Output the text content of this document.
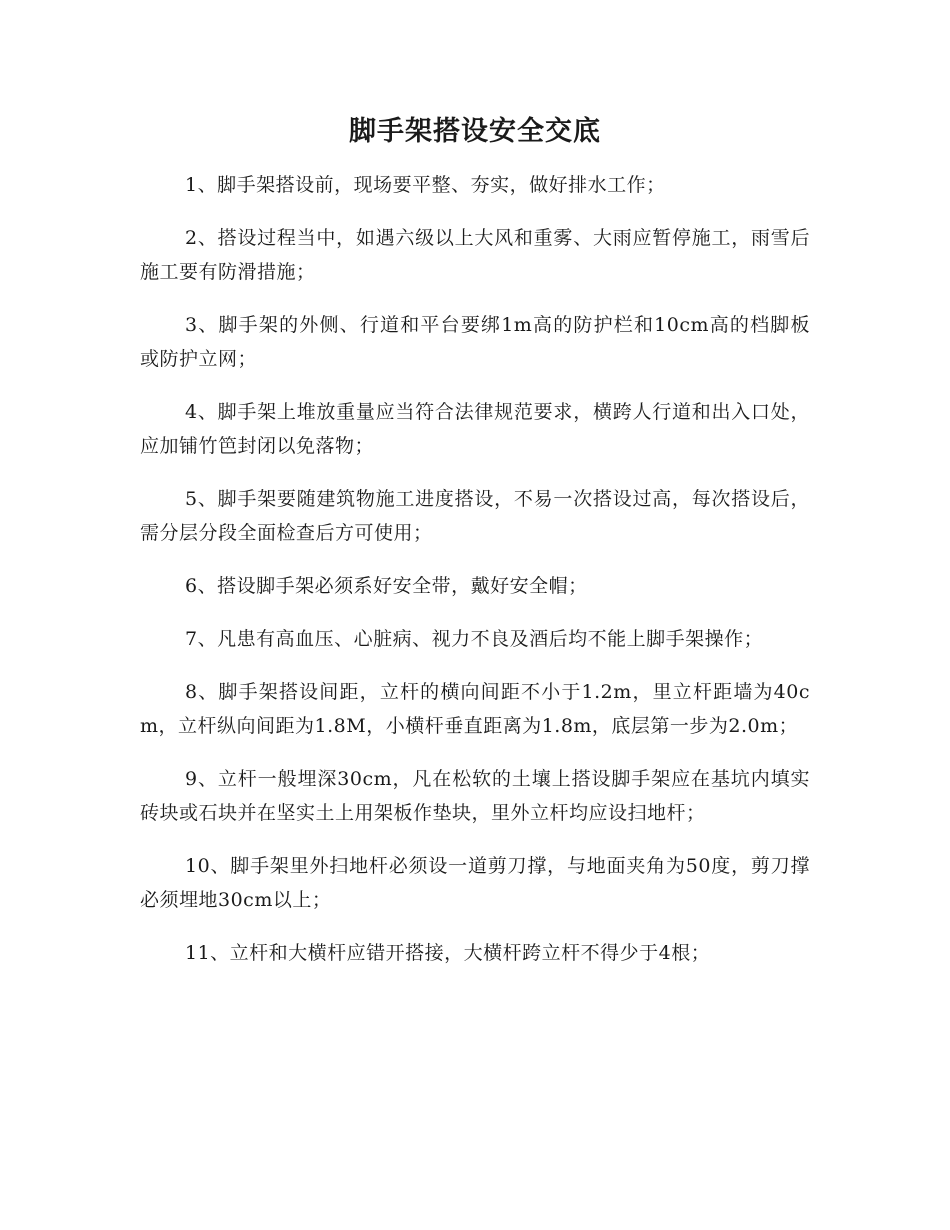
脚手架搭设安全交底

1、脚手架搭设前，现场要平整、夯实，做好排水工作；

2、搭设过程当中，如遇六级以上大风和重雾、大雨应暂停施工，雨雪后施工要有防滑措施；

3、脚手架的外侧、行道和平台要绑1m高的防护栏和10cm高的档脚板或防护立网；

4、脚手架上堆放重量应当符合法律规范要求，横跨人行道和出入口处，应加铺竹笆封闭以免落物；

5、脚手架要随建筑物施工进度搭设，不易一次搭设过高，每次搭设后，需分层分段全面检查后方可使用；

6、搭设脚手架必须系好安全带，戴好安全帽；

7、凡患有高血压、心脏病、视力不良及酒后均不能上脚手架操作；

8、脚手架搭设间距，立杆的横向间距不小于1.2m，里立杆距墙为40cm，立杆纵向间距为1.8M，小横杆垂直距离为1.8m，底层第一步为2.0m；

9、立杆一般埋深30cm，凡在松软的土壤上搭设脚手架应在基坑内填实砖块或石块并在坚实土上用架板作垫块，里外立杆均应设扫地杆；

10、脚手架里外扫地杆必须设一道剪刀撑，与地面夹角为50度，剪刀撑必须埋地30cm以上；

11、立杆和大横杆应错开搭接，大横杆跨立杆不得少于4根；
